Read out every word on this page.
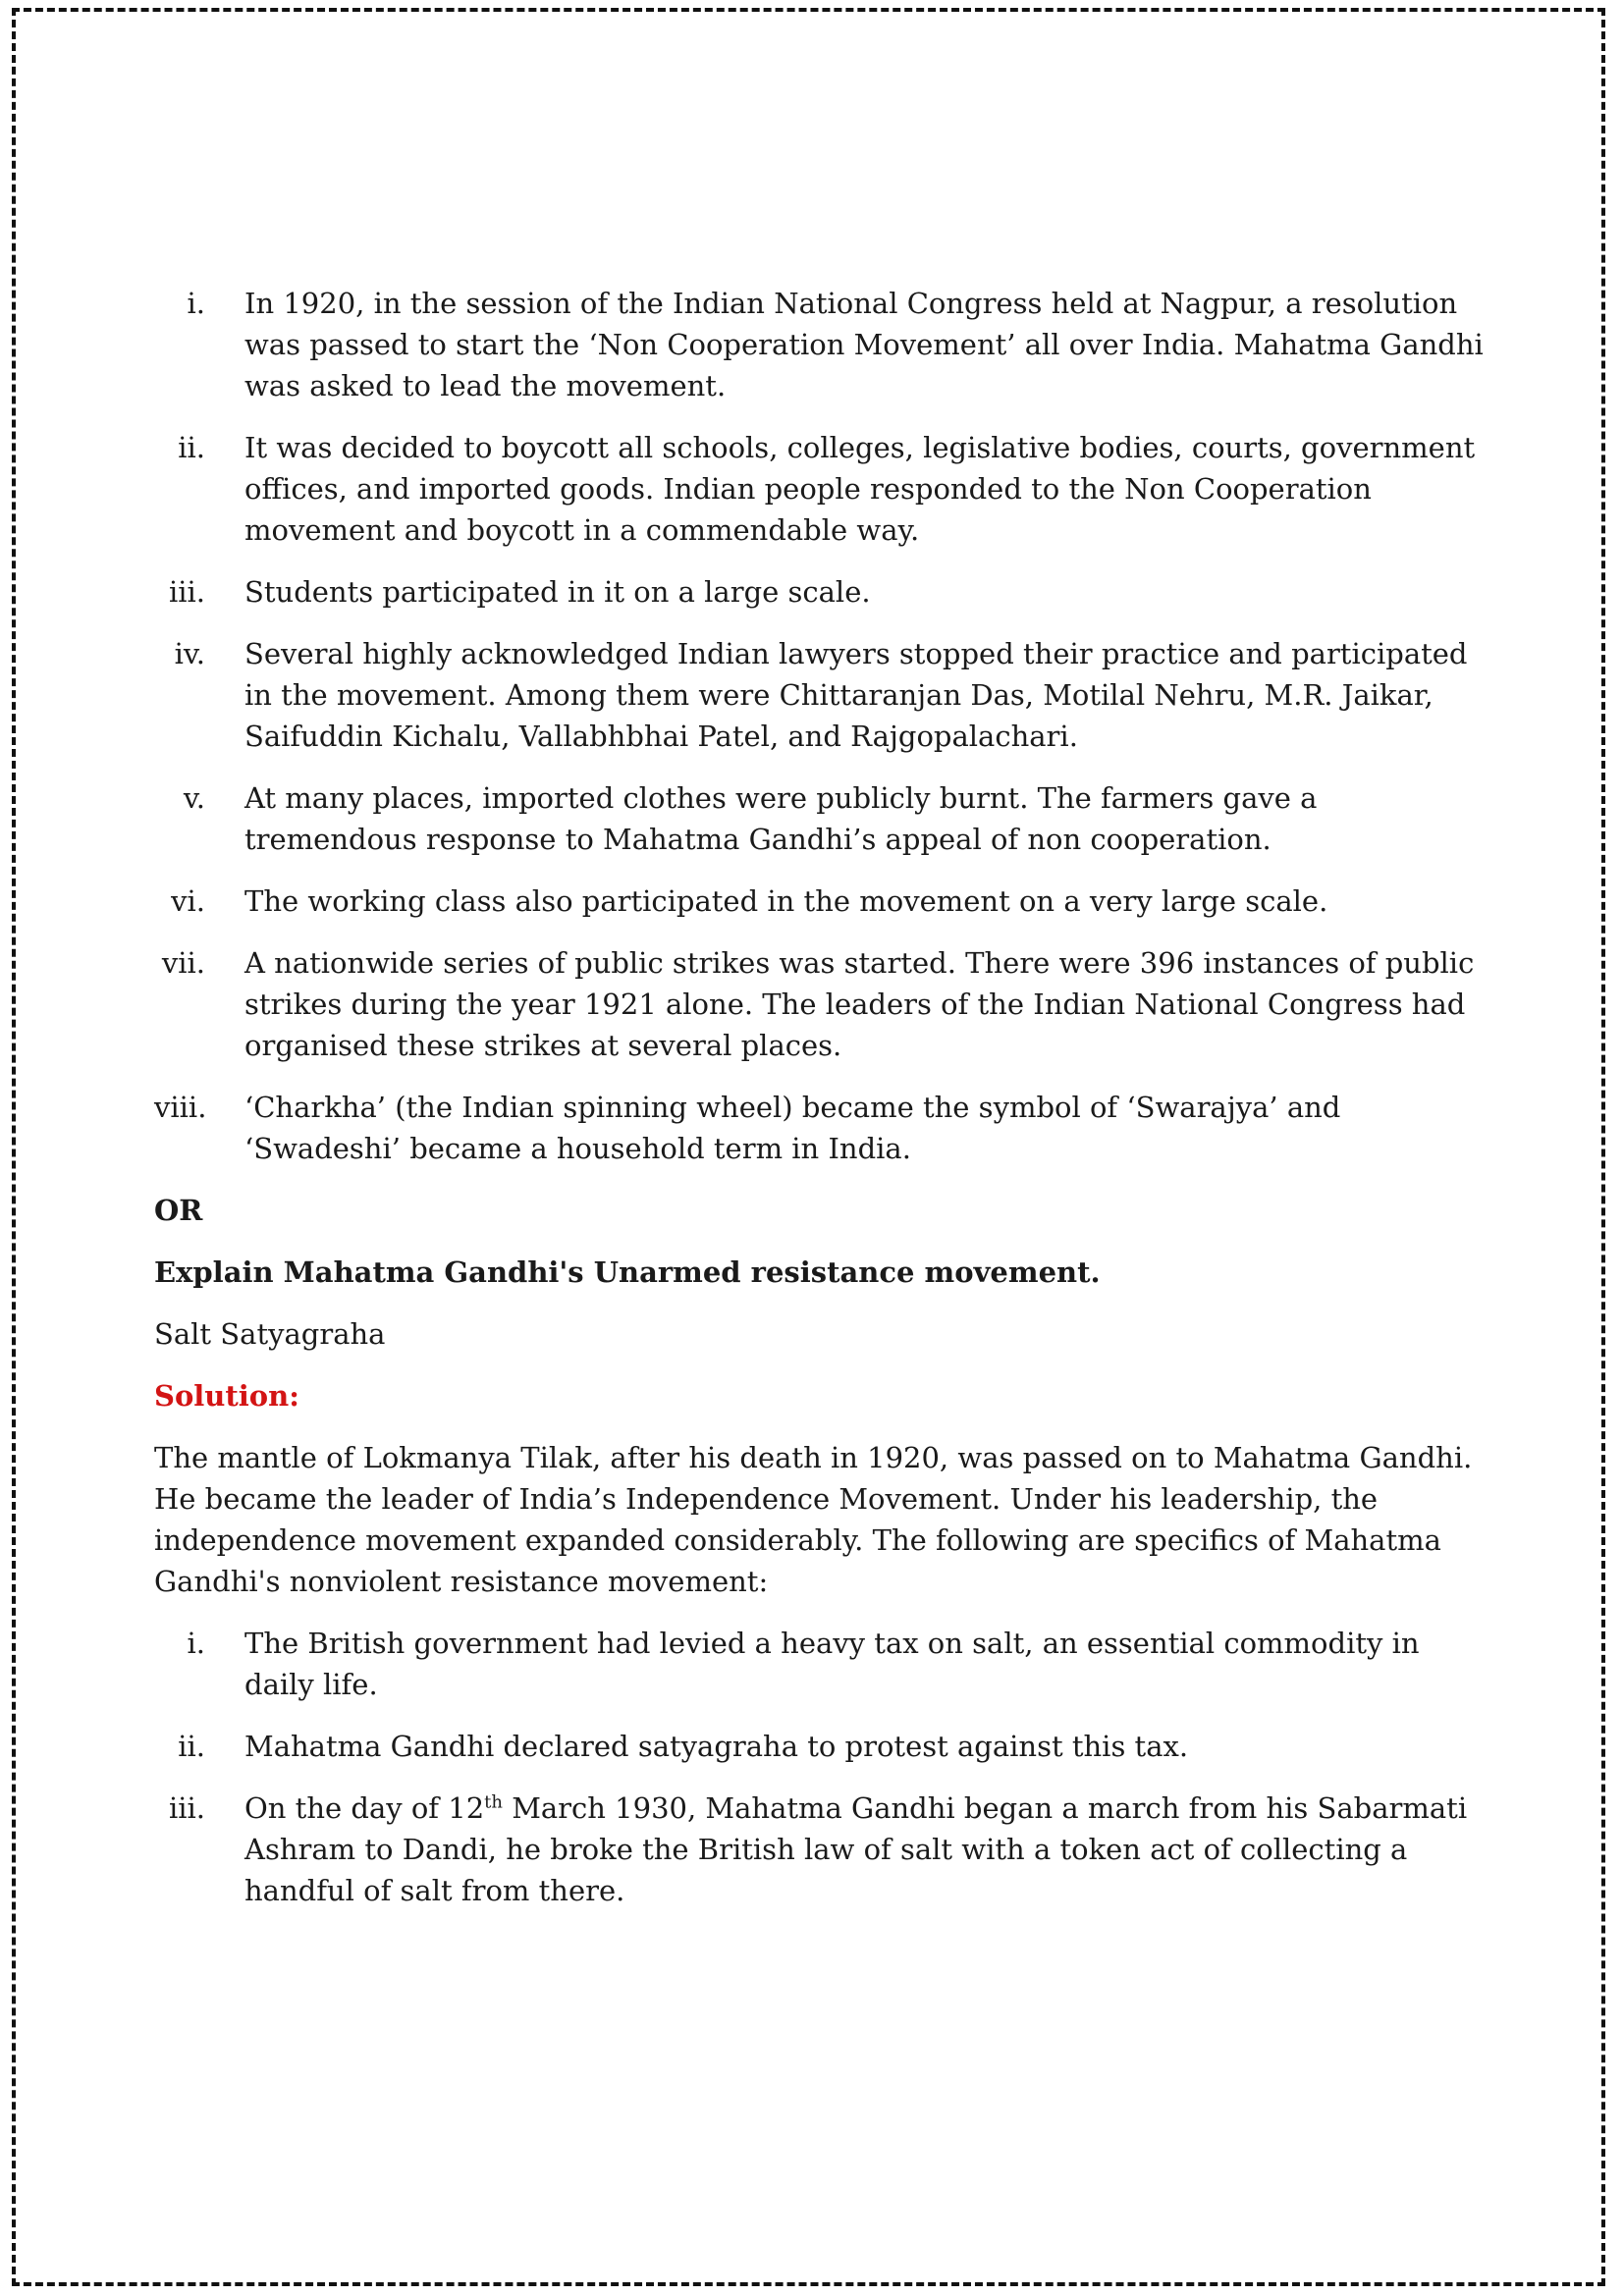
i. In 1920, in the session of the Indian National Congress held at Nagpur, a resolution was passed to start the ‘Non Cooperation Movement’ all over India. Mahatma Gandhi was asked to lead the movement.
ii. It was decided to boycott all schools, colleges, legislative bodies, courts, government offices, and imported goods. Indian people responded to the Non Cooperation movement and boycott in a commendable way.
iii. Students participated in it on a large scale.
iv. Several highly acknowledged Indian lawyers stopped their practice and participated in the movement. Among them were Chittaranjan Das, Motilal Nehru, M.R. Jaikar, Saifuddin Kichalu, Vallabhbhai Patel, and Rajgopalachari.
v. At many places, imported clothes were publicly burnt. The farmers gave a tremendous response to Mahatma Gandhi’s appeal of non cooperation.
vi. The working class also participated in the movement on a very large scale.
vii. A nationwide series of public strikes was started. There were 396 instances of public strikes during the year 1921 alone. The leaders of the Indian National Congress had organised these strikes at several places.
viii. ‘Charkha’ (the Indian spinning wheel) became the symbol of ‘Swarajya’ and ‘Swadeshi’ became a household term in India.

OR

Explain Mahatma Gandhi's Unarmed resistance movement.

Salt Satyagraha

Solution:

The mantle of Lokmanya Tilak, after his death in 1920, was passed on to Mahatma Gandhi. He became the leader of India’s Independence Movement. Under his leadership, the independence movement expanded considerably. The following are specifics of Mahatma Gandhi's nonviolent resistance movement:

i. The British government had levied a heavy tax on salt, an essential commodity in daily life.
ii. Mahatma Gandhi declared satyagraha to protest against this tax.
iii. On the day of 12th March 1930, Mahatma Gandhi began a march from his Sabarmati Ashram to Dandi, he broke the British law of salt with a token act of collecting a handful of salt from there.
